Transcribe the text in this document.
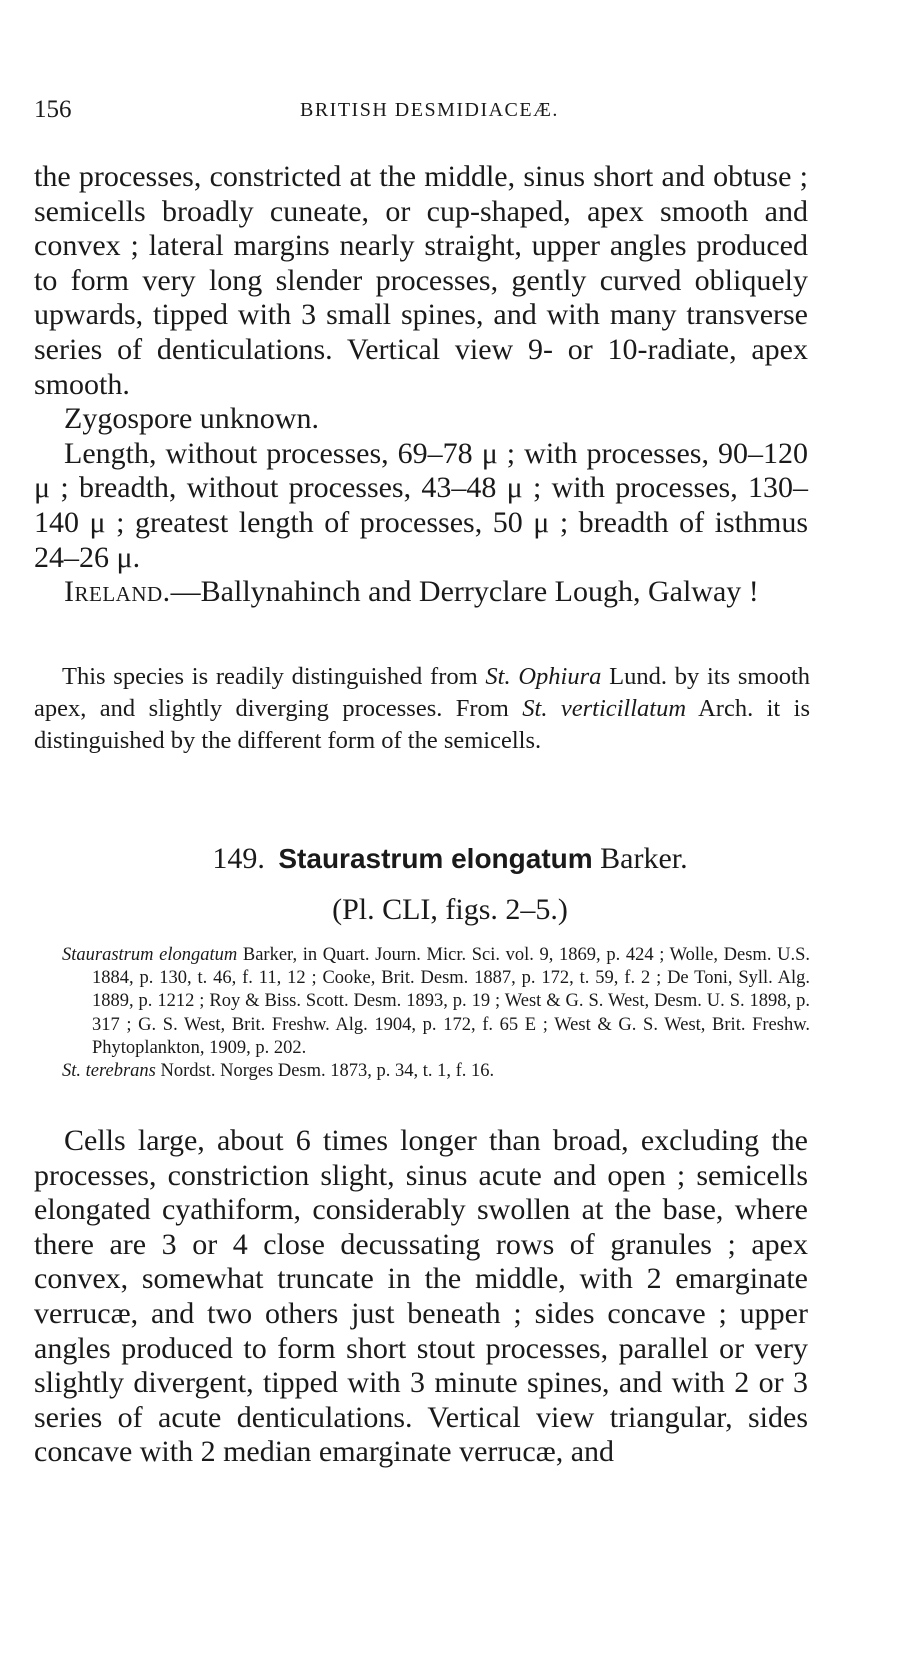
156	BRITISH DESMIDIACEÆ.

the processes, constricted at the middle, sinus short and obtuse ; semicells broadly cuneate, or cup-shaped, apex smooth and convex ; lateral margins nearly straight, upper angles produced to form very long slender processes, gently curved obliquely upwards, tipped with 3 small spines, and with many transverse series of denticulations. Vertical view 9- or 10-radiate, apex smooth.

Zygospore unknown.

Length, without processes, 69–78 μ ; with processes, 90–120 μ ; breadth, without processes, 43–48 μ ; with processes, 130–140 μ ; greatest length of processes, 50 μ ; breadth of isthmus 24–26 μ.

Ireland.—Ballynahinch and Derryclare Lough, Galway !

This species is readily distinguished from St. Ophiura Lund. by its smooth apex, and slightly diverging processes. From St. verticillatum Arch. it is distinguished by the different form of the semicells.

149. Staurastrum elongatum Barker.
(Pl. CLI, figs. 2–5.)

Staurastrum elongatum Barker, in Quart. Journ. Micr. Sci. vol. 9, 1869, p. 424 ; Wolle, Desm. U.S. 1884, p. 130, t. 46, f. 11, 12 ; Cooke, Brit. Desm. 1887, p. 172, t. 59, f. 2 ; De Toni, Syll. Alg. 1889, p. 1212 ; Roy & Biss. Scott. Desm. 1893, p. 19 ; West & G. S. West, Desm. U. S. 1898, p. 317 ; G. S. West, Brit. Freshw. Alg. 1904, p. 172, f. 65 E ; West & G. S. West, Brit. Freshw. Phytoplankton, 1909, p. 202.

St. terebrans Nordst. Norges Desm. 1873, p. 34, t. 1, f. 16.

Cells large, about 6 times longer than broad, excluding the processes, constriction slight, sinus acute and open ; semicells elongated cyathiform, considerably swollen at the base, where there are 3 or 4 close decussating rows of granules ; apex convex, somewhat truncate in the middle, with 2 emarginate verrucæ, and two others just beneath ; sides concave ; upper angles produced to form short stout processes, parallel or very slightly divergent, tipped with 3 minute spines, and with 2 or 3 series of acute denticulations. Vertical view triangular, sides concave with 2 median emarginate verrucæ, and
